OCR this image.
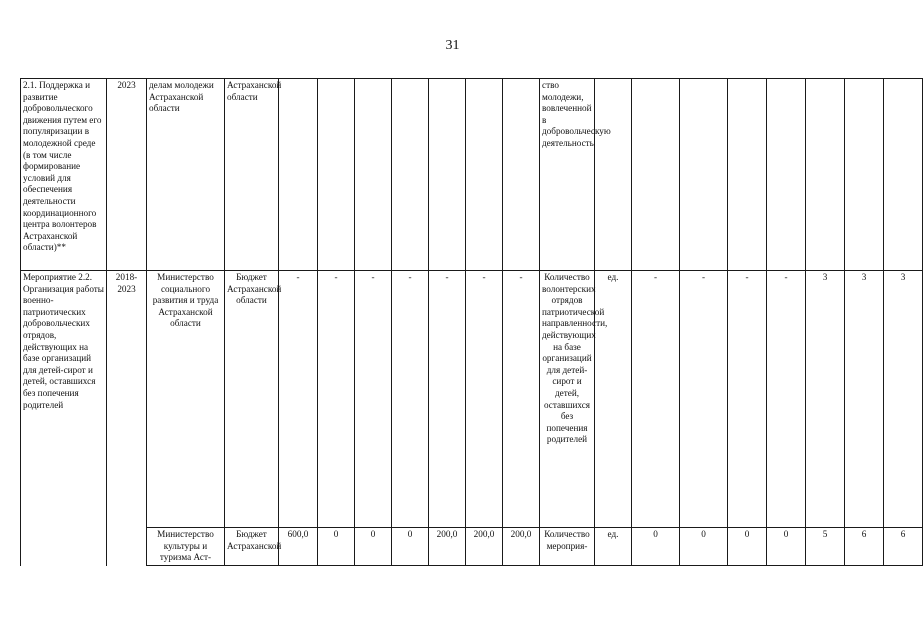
31
2.1. Поддержка и развитие добровольческого движения путем его популяризации в молодежной среде (в том числе формирование условий для обеспечения деятельности координационного центра волонтеров Астраханской области)**	2023	делам молодежи Астраханской области	Астраханской области								ство молодежи, вовлеченной в добровольческую деятельность								
Мероприятие 2.2. Организация работы военно-патриотических добровольческих отрядов, действующих на базе организаций для детей-сирот и детей, оставшихся без попечения родителей	2018-2023	Министерство социального развития и труда Астраханской области	Бюджет Астраханской области	-	-	-	-	-	-	-	Количество волонтерских отрядов патриотической направленности, действующих на базе организаций для детей-сирот и детей, оставшихся без попечения родителей	ед.	-	-	-	-	3	3	3
		Министерство культуры и туризма Аст-	Бюджет Астраханской	600,0	0	0	0	200,0	200,0	200,0	Количество мероприя-	ед.	0	0	0	0	5	6	6
